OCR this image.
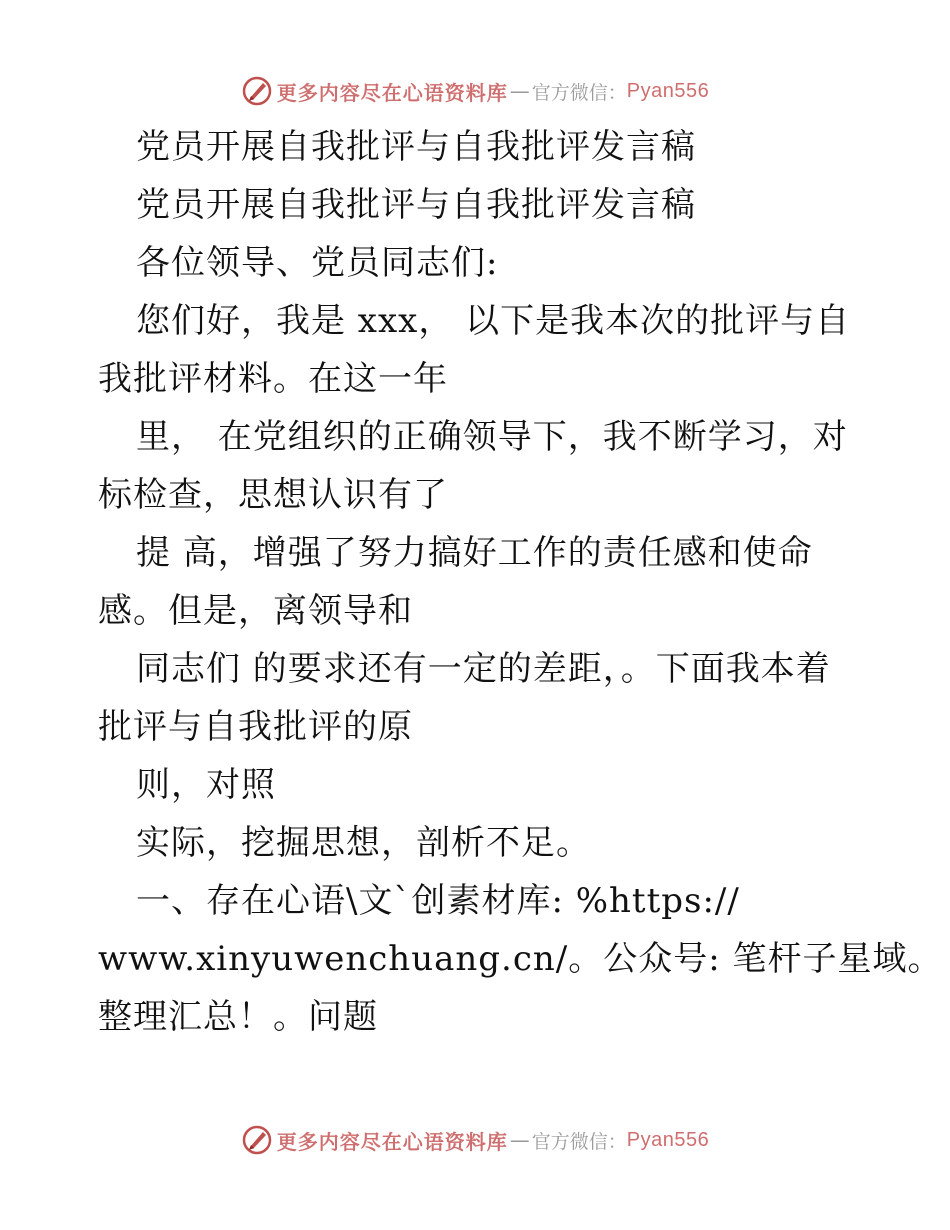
更多内容尽在心语资料库 — 官方微信： Pyan556
党员开展自我批评与自我批评发言稿
党员开展自我批评与自我批评发言稿
各位领导、党员同志们:
您们好，我是 xxx， 以下是我本次的批评与自
我批评材料。在这一年
里， 在党组织的正确领导下，我不断学习，对
标检查，思想认识有了
提 高，增强了努力搞好工作的责任感和使命
感。但是，离领导和
同志们 的要求还有一定的差距，。下面我本着
批评与自我批评的原
则，对照
实际，挖掘思想，剖析不足。
一、存在心语\文`创素材库: %https://
www.xinyuwenchuang.cn/。公众号: 笔杆子星域。
整理汇总！。问题
更多内容尽在心语资料库 — 官方微信： Pyan556
